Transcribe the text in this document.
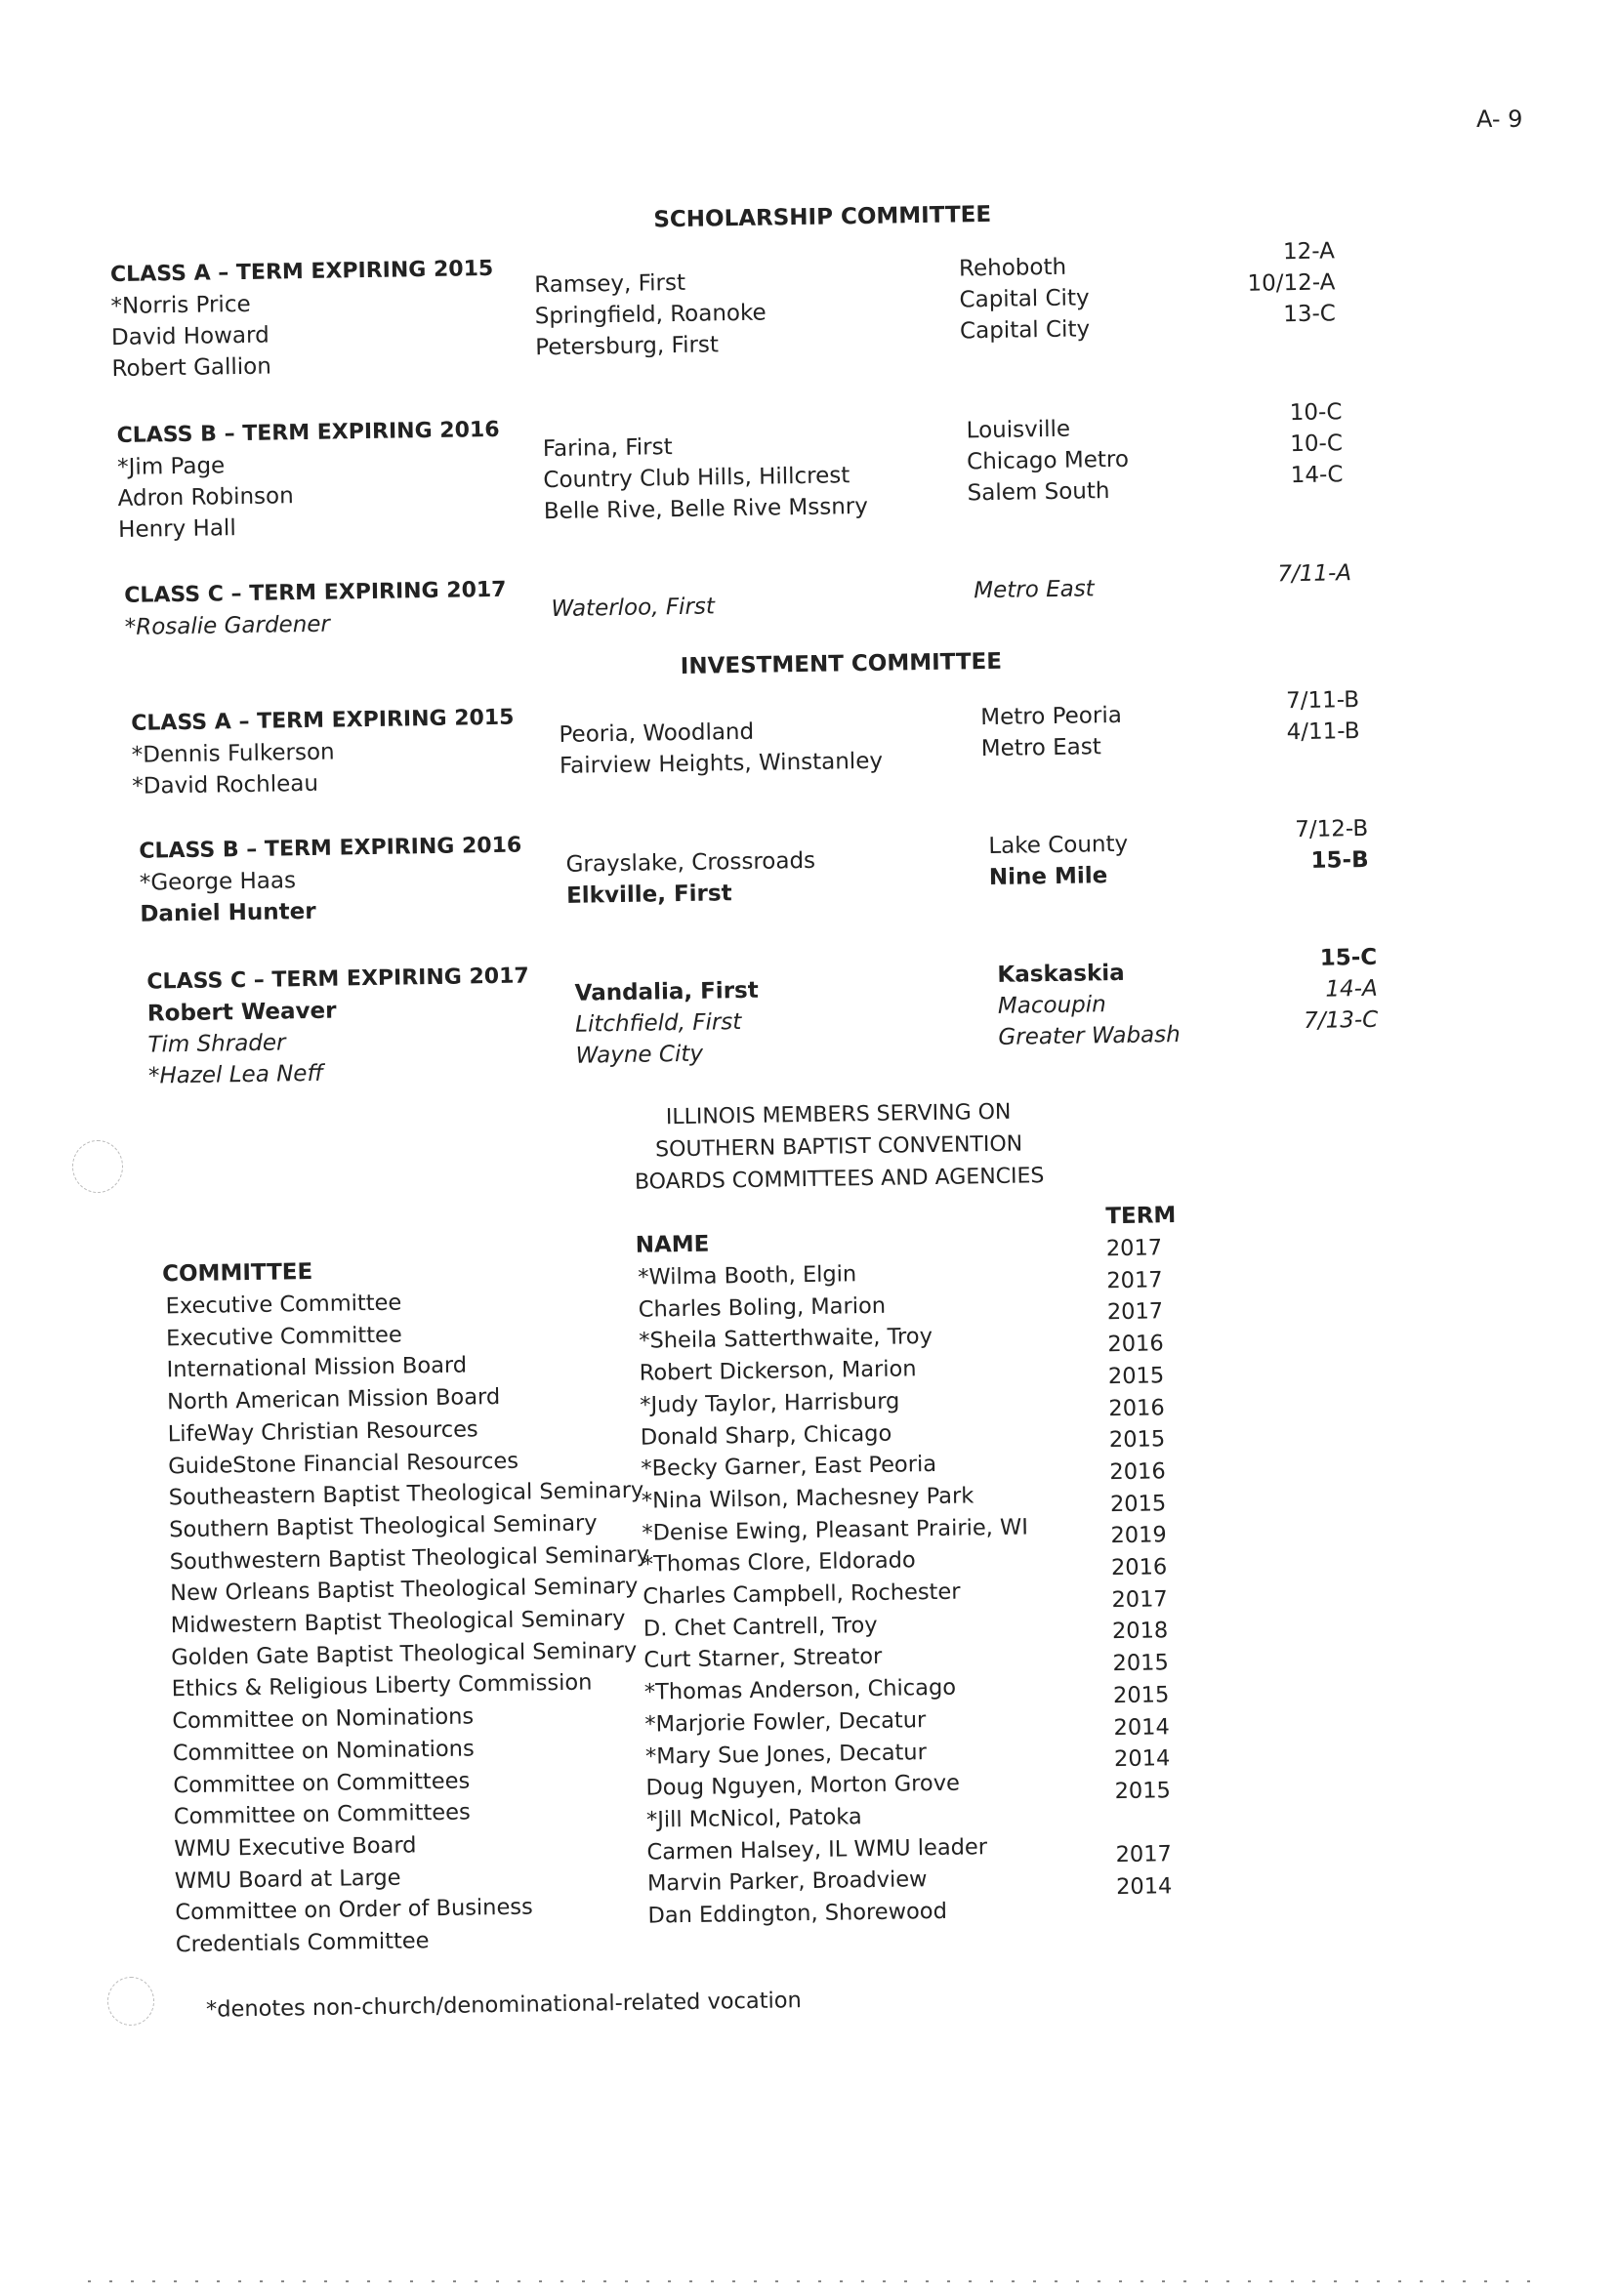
A- 9
SCHOLARSHIP COMMITTEE
CLASS A – TERM EXPIRING 2015
*Norris Price
David Howard
Robert Gallion
Ramsey, First
Springfield, Roanoke
Petersburg, First
Rehoboth
Capital City
Capital City
12-A
10/12-A
13-C
CLASS B – TERM EXPIRING 2016
*Jim Page
Adron Robinson
Henry Hall
Farina, First
Country Club Hills, Hillcrest
Belle Rive, Belle Rive Mssnry
Louisville
Chicago Metro
Salem South
10-C
10-C
14-C
CLASS C – TERM EXPIRING 2017
*Rosalie Gardener
Waterloo, First
Metro East
7/11-A
INVESTMENT COMMITTEE
CLASS A – TERM EXPIRING 2015
*Dennis Fulkerson
*David Rochleau
Peoria, Woodland
Fairview Heights, Winstanley
Metro Peoria
Metro East
7/11-B
4/11-B
CLASS B – TERM EXPIRING 2016
*George Haas
Daniel Hunter
Grayslake, Crossroads
Elkville, First
Lake County
Nine Mile
7/12-B
15-B
CLASS C – TERM EXPIRING 2017
Robert Weaver
Tim Shrader
*Hazel Lea Neff
Vandalia, First
Litchfield, First
Wayne City
Kaskaskia
Macoupin
Greater Wabash
15-C
14-A
7/13-C
ILLINOIS MEMBERS SERVING ON
SOUTHERN BAPTIST CONVENTION
BOARDS COMMITTEES AND AGENCIES
COMMITTEE
NAME
TERM
Executive Committee
Executive Committee
International Mission Board
North American Mission Board
LifeWay Christian Resources
GuideStone Financial Resources
Southeastern Baptist Theological Seminary
Southern Baptist Theological Seminary
Southwestern Baptist Theological Seminary
New Orleans Baptist Theological Seminary
Midwestern Baptist Theological Seminary
Golden Gate Baptist Theological Seminary
Ethics & Religious Liberty Commission
Committee on Nominations
Committee on Nominations
Committee on Committees
Committee on Committees
WMU Executive Board
WMU Board at Large
Committee on Order of Business
Credentials Committee
*Wilma Booth, Elgin
Charles Boling, Marion
*Sheila Satterthwaite, Troy
Robert Dickerson, Marion
*Judy Taylor, Harrisburg
Donald Sharp, Chicago
*Becky Garner, East Peoria
*Nina Wilson, Machesney Park
*Denise Ewing, Pleasant Prairie, WI
*Thomas Clore, Eldorado
Charles Campbell, Rochester
D. Chet Cantrell, Troy
Curt Starner, Streator
*Thomas Anderson, Chicago
*Marjorie Fowler, Decatur
*Mary Sue Jones, Decatur
Doug Nguyen, Morton Grove
*Jill McNicol, Patoka
Carmen Halsey, IL WMU leader
Marvin Parker, Broadview
Dan Eddington, Shorewood
2017
2017
2017
2016
2015
2016
2015
2016
2015
2019
2016
2017
2018
2015
2015
2014
2014
2015

2017
2014
*denotes non-church/denominational-related vocation
